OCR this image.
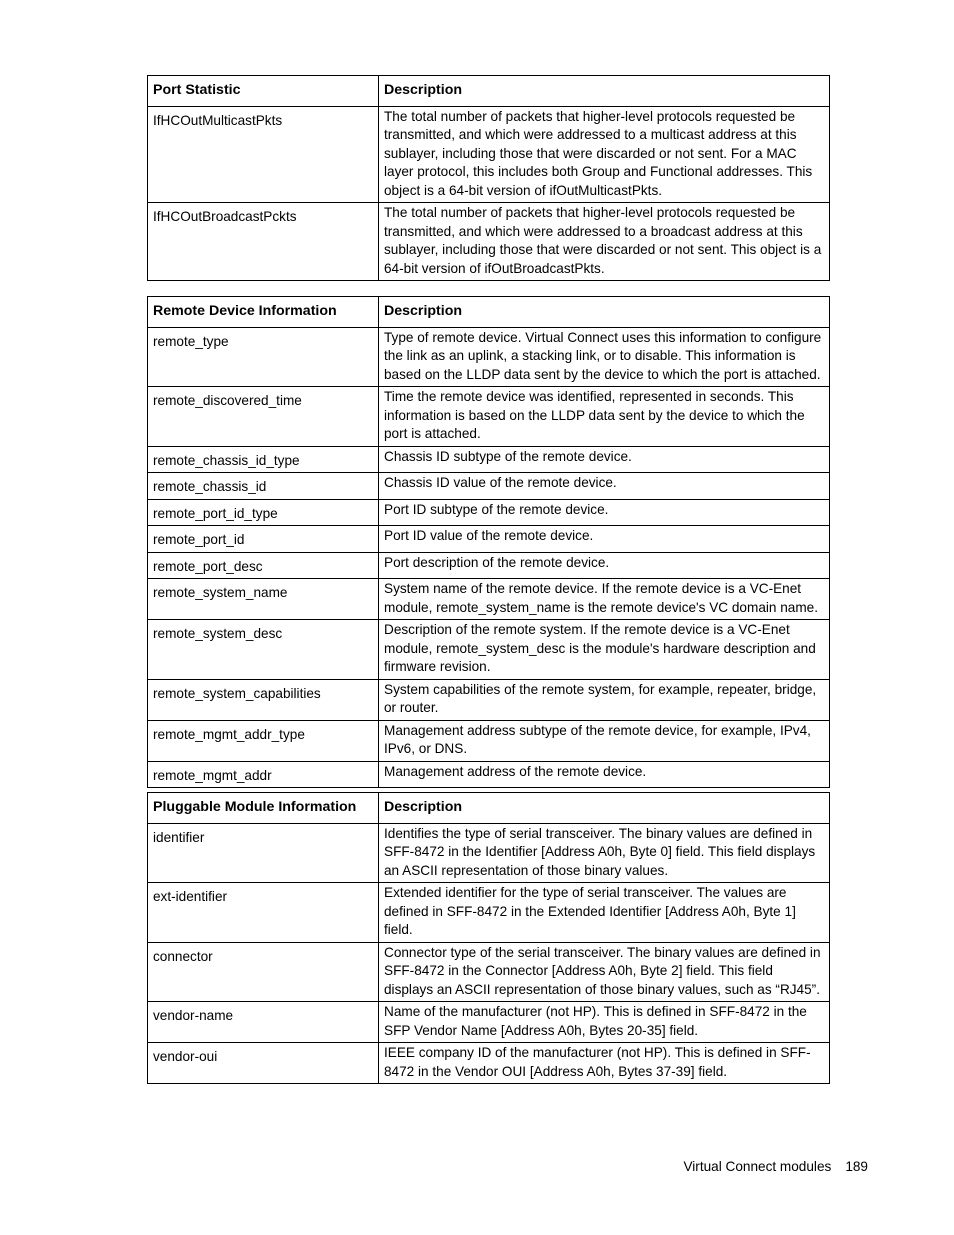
Port Statistic	Description
IfHCOutMulticastPkts	The total number of packets that higher-level protocols requested be transmitted, and which were addressed to a multicast address at this sublayer, including those that were discarded or not sent. For a MAC layer protocol, this includes both Group and Functional addresses. This object is a 64-bit version of ifOutMulticastPkts.
IfHCOutBroadcastPckts	The total number of packets that higher-level protocols requested be transmitted, and which were addressed to a broadcast address at this sublayer, including those that were discarded or not sent. This object is a 64-bit version of ifOutBroadcastPkts.
Remote Device Information	Description
remote_type	Type of remote device. Virtual Connect uses this information to configure the link as an uplink, a stacking link, or to disable. This information is based on the LLDP data sent by the device to which the port is attached.
remote_discovered_time	Time the remote device was identified, represented in seconds. This information is based on the LLDP data sent by the device to which the port is attached.
remote_chassis_id_type	Chassis ID subtype of the remote device.
remote_chassis_id	Chassis ID value of the remote device.
remote_port_id_type	Port ID subtype of the remote device.
remote_port_id	Port ID value of the remote device.
remote_port_desc	Port description of the remote device.
remote_system_name	System name of the remote device. If the remote device is a VC-Enet module, remote_system_name is the remote device's VC domain name.
remote_system_desc	Description of the remote system. If the remote device is a VC-Enet module, remote_system_desc is the module's hardware description and firmware revision.
remote_system_capabilities	System capabilities of the remote system, for example, repeater, bridge, or router.
remote_mgmt_addr_type	Management address subtype of the remote device, for example, IPv4, IPv6, or DNS.
remote_mgmt_addr	Management address of the remote device.
Pluggable Module Information	Description
identifier	Identifies the type of serial transceiver. The binary values are defined in SFF-8472 in the Identifier [Address A0h, Byte 0] field. This field displays an ASCII representation of those binary values.
ext-identifier	Extended identifier for the type of serial transceiver. The values are defined in SFF-8472 in the Extended Identifier [Address A0h, Byte 1] field.
connector	Connector type of the serial transceiver. The binary values are defined in SFF-8472 in the Connector [Address A0h, Byte 2] field. This field displays an ASCII representation of those binary values, such as “RJ45”.
vendor-name	Name of the manufacturer (not HP). This is defined in SFF-8472 in the SFP Vendor Name [Address A0h, Bytes 20-35] field.
vendor-oui	IEEE company ID of the manufacturer (not HP). This is defined in SFF-8472 in the Vendor OUI [Address A0h, Bytes 37-39] field.
Virtual Connect modules 189
